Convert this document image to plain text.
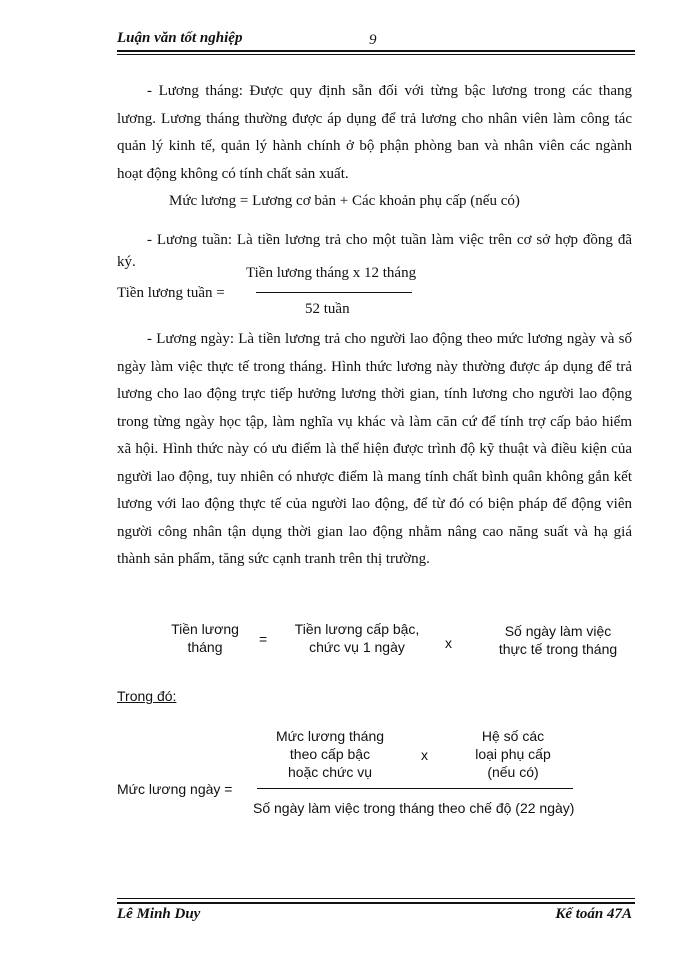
Luận văn tốt nghiệp	9

- Lương tháng: Được quy định sẵn đối với từng bậc lương trong các thang lương. Lương tháng thường được áp dụng để trả lương cho nhân viên làm công tác quản lý kinh tế, quản lý hành chính ở bộ phận phòng ban và nhân viên các ngành hoạt động không có tính chất sản xuất.

Mức lương = Lương cơ bản + Các khoản phụ cấp (nếu có)

- Lương tuần: Là tiền lương trả cho một tuần làm việc trên cơ sở hợp đồng đã ký.

Tiền lương tuần =
Tiền lương tháng x 12 tháng
52 tuần

- Lương ngày: Là tiền lương trả cho người lao động theo mức lương ngày và số ngày làm việc thực tế trong tháng. Hình thức lương này thường được áp dụng để trả lương cho lao động trực tiếp hưởng lương thời gian, tính lương cho người lao động trong từng ngày học tập, làm nghĩa vụ khác và làm căn cứ để tính trợ cấp bảo hiểm xã hội. Hình thức này có ưu điểm là thể hiện được trình độ kỹ thuật và điều kiện của người lao động, tuy nhiên có nhược điểm là mang tính chất bình quân không gắn kết lương với lao động thực tế của người lao động, để từ đó có biện pháp để động viên người công nhân tận dụng thời gian lao động nhằm nâng cao năng suất và hạ giá thành sản phẩm, tăng sức cạnh tranh trên thị trường.

Tiền lương
tháng	=
Tiền lương cấp bậc,
chức vụ 1 ngày	x
Số ngày làm việc
thực tế trong tháng
Trong đó:
Mức lương ngày =
Mức lương tháng
theo cấp bậc
hoặc chức vụ
x
Hệ số các
loại phụ cấp
(nếu có)
Số ngày làm việc trong tháng theo chế độ (22 ngày)
Lê Minh Duy	Kế toán 47A
